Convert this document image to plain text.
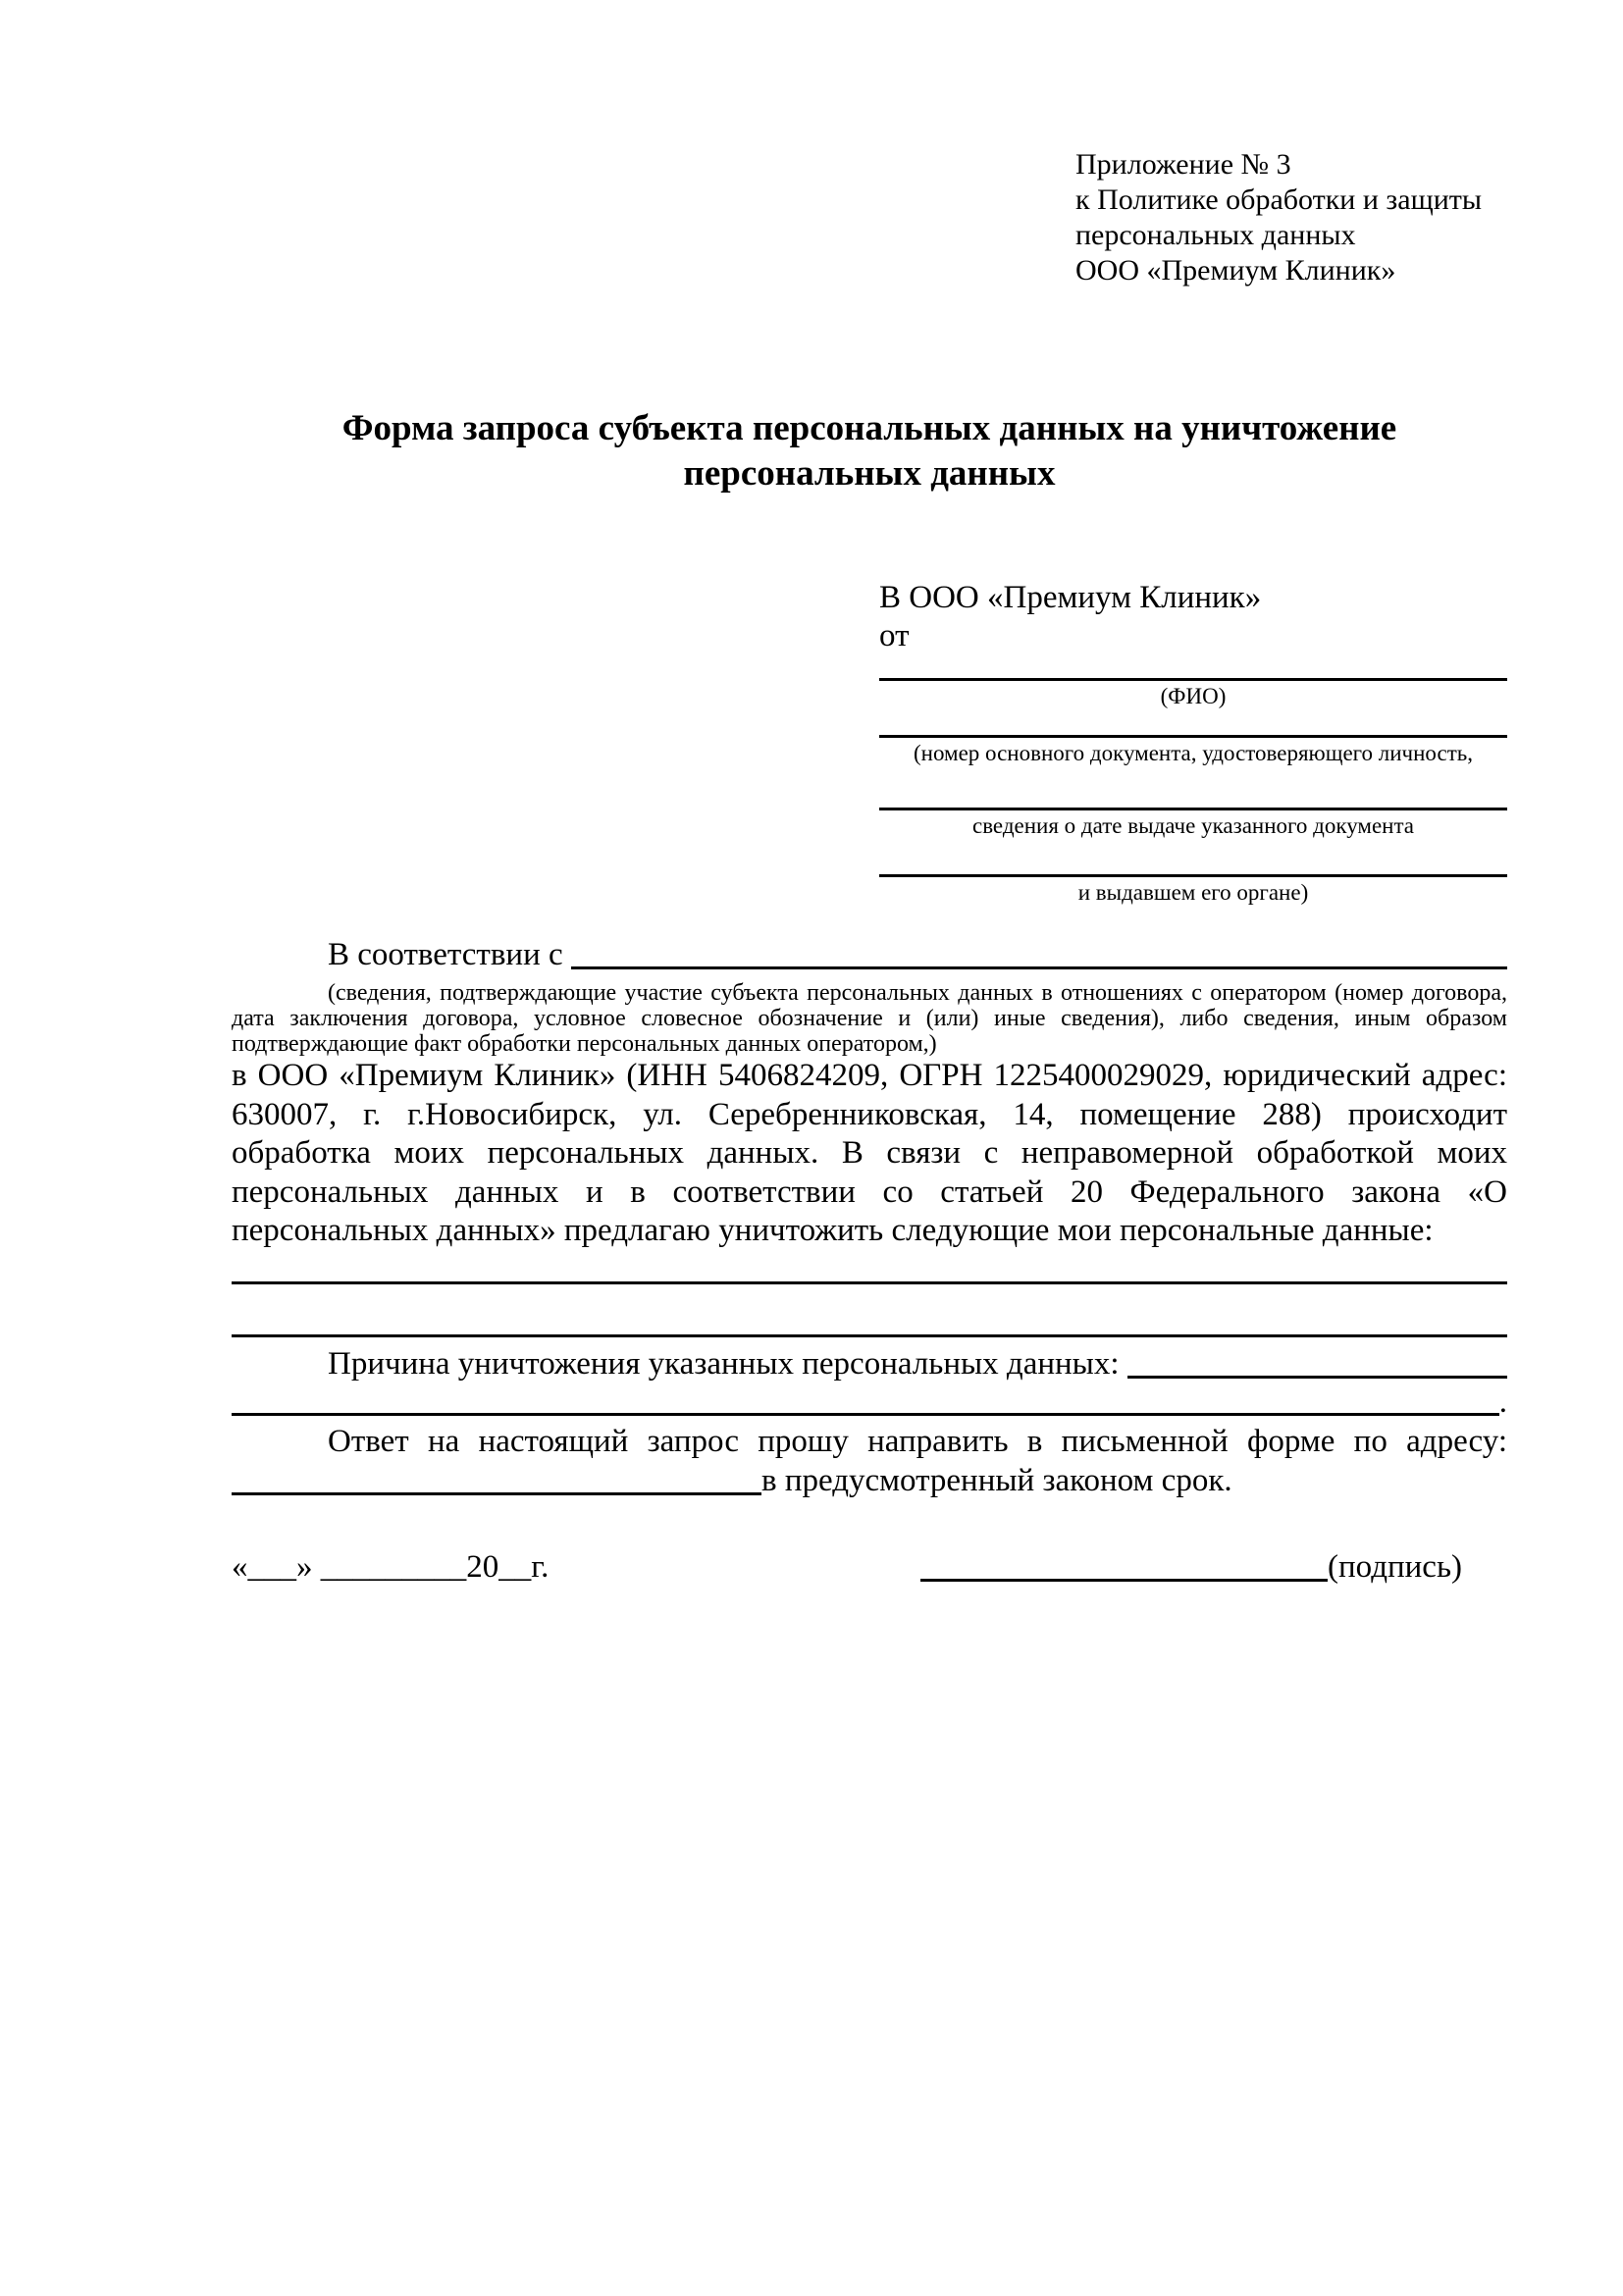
Приложение № 3
к Политике обработки и защиты
персональных данных
ООО «Премиум Клиник»
Форма запроса субъекта персональных данных на уничтожение
персональных данных
В ООО «Премиум Клиник»
от
(ФИО)
(номер основного документа, удостоверяющего личность,
сведения о дате выдаче указанного документа
и выдавшем его органе)
В соответствии с
(сведения, подтверждающие участие субъекта персональных данных в отношениях с оператором (номер договора, дата заключения договора, условное словесное обозначение и (или) иные сведения), либо сведения, иным образом подтверждающие факт обработки персональных данных оператором,)
в ООО «Премиум Клиник» (ИНН 5406824209, ОГРН 1225400029029, юридический адрес: 630007, г. г.Новосибирск, ул. Серебренниковская, 14, помещение 288) происходит обработка моих персональных данных. В связи с неправомерной обработкой моих персональных данных и в соответствии со статьей 20 Федерального закона «О персональных данных» предлагаю уничтожить следующие мои персональные данные:
Причина уничтожения указанных персональных данных:
.
Ответ на настоящий запрос прошу направить в письменной форме по адресу:
в предусмотренный законом срок.
«___» _________20__г.	(подпись)
